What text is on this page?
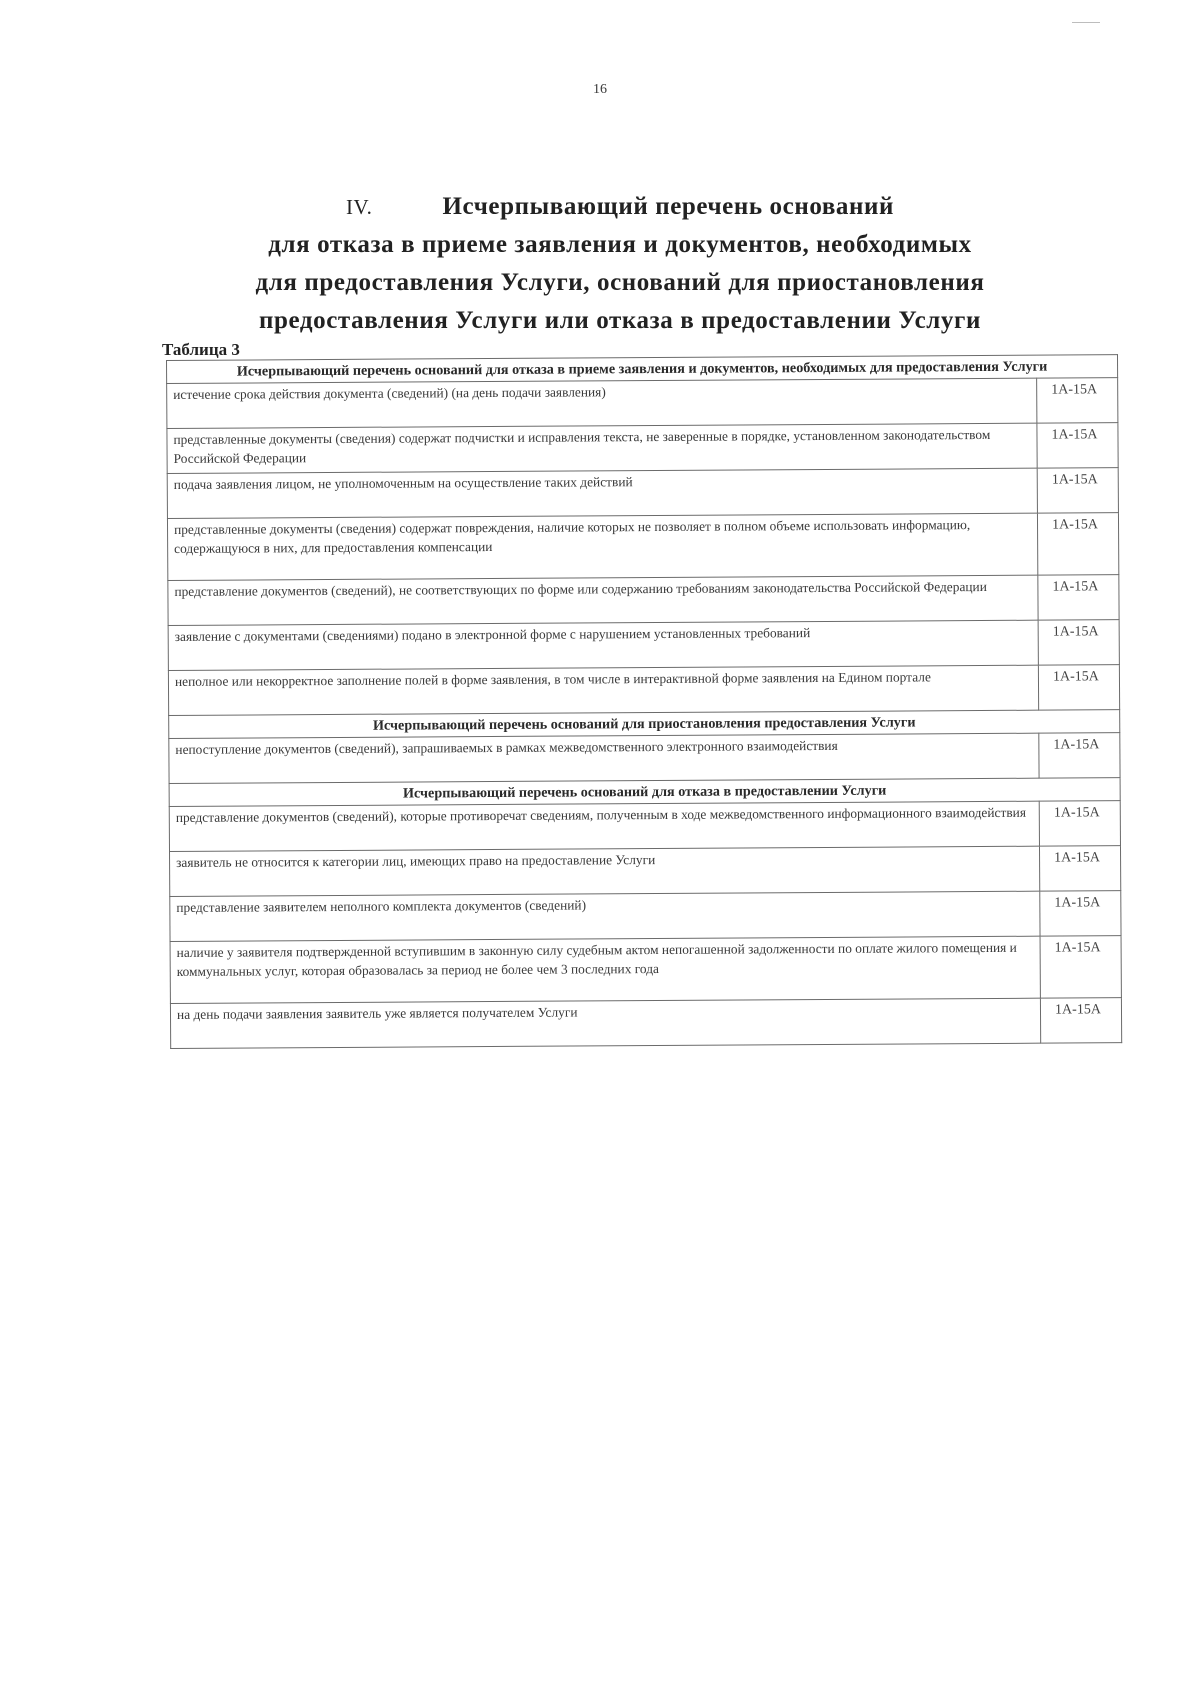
16
IV.	Исчерпывающий перечень оснований
для отказа в приеме заявления и документов, необходимых
для предоставления Услуги, оснований для приостановления
предоставления Услуги или отказа в предоставлении Услуги
Таблица 3
Исчерпывающий перечень оснований для отказа в приеме заявления и документов, необходимых для предоставления Услуги	
истечение срока действия документа (сведений) (на день подачи заявления)	1А-15А
представленные документы (сведения) содержат подчистки и исправления текста, не заверенные в порядке, установленном законодательством Российской Федерации	1А-15А
подача заявления лицом, не уполномоченным на осуществление таких действий	1А-15А
представленные документы (сведения) содержат повреждения, наличие которых не позволяет в полном объеме использовать информацию, содержащуюся в них, для предоставления компенсации	1А-15А
представление документов (сведений), не соответствующих по форме или содержанию требованиям законодательства Российской Федерации	1А-15А
заявление с документами (сведениями) подано в электронной форме с нарушением установленных требований	1А-15А
неполное или некорректное заполнение полей в форме заявления, в том числе в интерактивной форме заявления на Едином портале	1А-15А
Исчерпывающий перечень оснований для приостановления предоставления Услуги	
непоступление документов (сведений), запрашиваемых в рамках межведомственного электронного взаимодействия	1А-15А
Исчерпывающий перечень оснований для отказа в предоставлении Услуги	
представление документов (сведений), которые противоречат сведениям, полученным в ходе межведомственного информационного взаимодействия	1А-15А
заявитель не относится к категории лиц, имеющих право на предоставление Услуги	1А-15А
представление заявителем неполного комплекта документов (сведений)	1А-15А
наличие у заявителя подтвержденной вступившим в законную силу судебным актом непогашенной задолженности по оплате жилого помещения и коммунальных услуг, которая образовалась за период не более чем 3 последних года	1А-15А
на день подачи заявления заявитель уже является получателем Услуги	1А-15А
